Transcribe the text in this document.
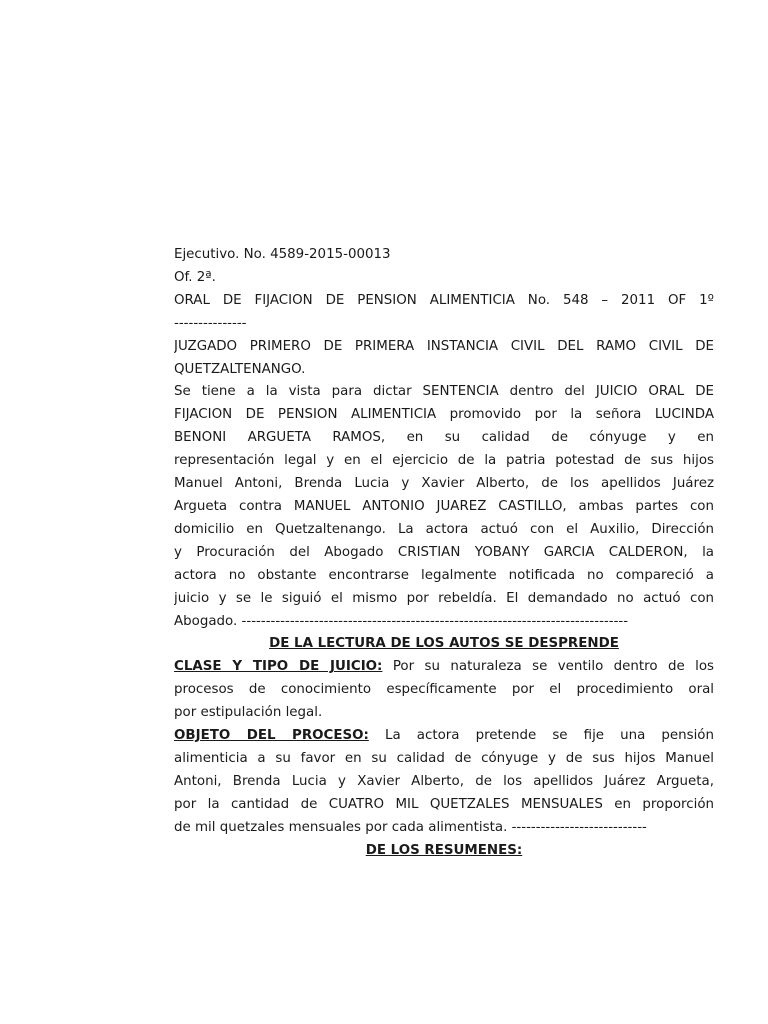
Ejecutivo. No. 4589-2015-00013
Of. 2ª.
ORAL DE FIJACION DE PENSION ALIMENTICIA No. 548 – 2011 OF 1º
---------------
JUZGADO PRIMERO DE PRIMERA INSTANCIA CIVIL DEL RAMO CIVIL DE
QUETZALTENANGO.
Se tiene a la vista para dictar SENTENCIA dentro del JUICIO ORAL DE
FIJACION DE PENSION ALIMENTICIA promovido por la señora LUCINDA
BENONI ARGUETA RAMOS, en su calidad de cónyuge y en
representación legal y en el ejercicio de la patria potestad de sus hijos
Manuel Antoni, Brenda Lucia y Xavier Alberto, de los apellidos Juárez
Argueta contra MANUEL ANTONIO JUAREZ CASTILLO, ambas partes con
domicilio en Quetzaltenango. La actora actuó con el Auxilio, Dirección
y Procuración del Abogado CRISTIAN YOBANY GARCIA CALDERON, la
actora no obstante encontrarse legalmente notificada no compareció a
juicio y se le siguió el mismo por rebeldía. El demandado no actuó con
Abogado. --------------------------------------------------------------------------------
DE LA LECTURA DE LOS AUTOS SE DESPRENDE
CLASE Y TIPO DE JUICIO: Por su naturaleza se ventilo dentro de los
procesos de conocimiento específicamente por el procedimiento oral
por estipulación legal.
OBJETO DEL PROCESO: La actora pretende se fije una pensión
alimenticia a su favor en su calidad de cónyuge y de sus hijos Manuel
Antoni, Brenda Lucia y Xavier Alberto, de los apellidos Juárez Argueta,
por la cantidad de CUATRO MIL QUETZALES MENSUALES en proporción
de mil quetzales mensuales por cada alimentista. ----------------------------
DE LOS RESUMENES:
